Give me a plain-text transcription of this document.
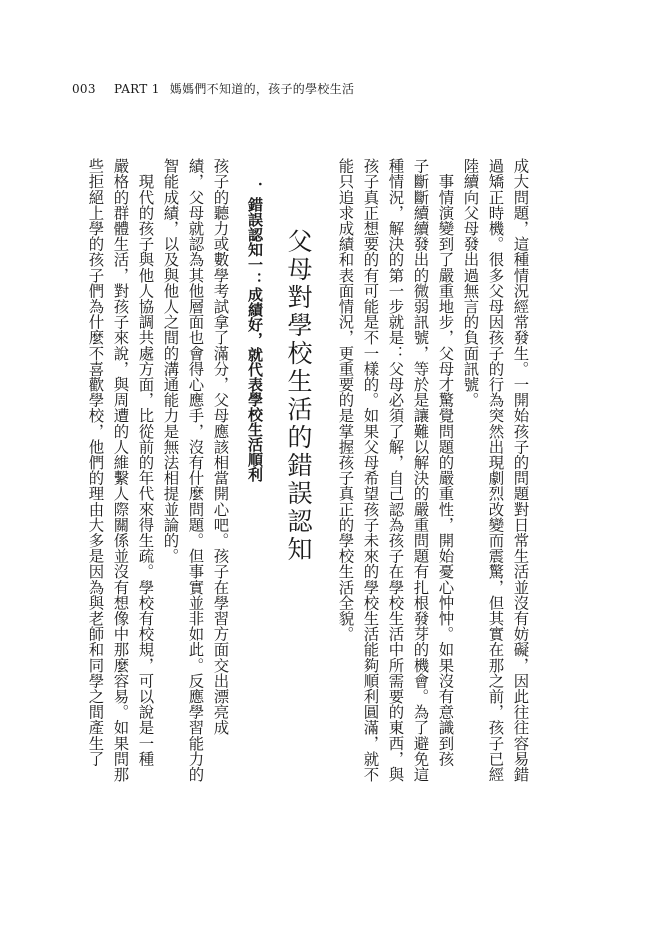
003 PART 1 媽媽們不知道的，孩子的學校生活
成大問題，這種情況經常發生。一開始孩子的問題對日常生活並沒有妨礙，因此往往容易錯
過矯正時機。很多父母因孩子的行為突然出現劇烈改變而震驚，但其實在那之前，孩子已經
陸續向父母發出過無言的負面訊號。
　事情演變到了嚴重地步，父母才驚覺問題的嚴重性，開始憂心忡忡。如果沒有意識到孩
子斷斷續續發出的微弱訊號，等於是讓難以解決的嚴重問題有扎根發芽的機會。為了避免這
種情況，解決的第一步就是：父母必須了解，自己認為孩子在學校生活中所需要的東西，與
孩子真正想要的有可能是不一樣的。如果父母希望孩子未來的學校生活能夠順利圓滿，就不
能只追求成績和表面情況，更重要的是掌握孩子真正的學校生活全貌。
父母對學校生活的錯誤認知
．錯誤認知一：成績好，就代表學校生活順利
孩子的聽力或數學考試拿了滿分，父母應該相當開心吧。孩子在學習方面交出漂亮成
績，父母就認為其他層面也會得心應手，沒有什麼問題。但事實並非如此。反應學習能力的
智能成績，以及與他人之間的溝通能力是無法相提並論的。
　現代的孩子與他人協調共處方面，比從前的年代來得生疏。學校有校規，可以說是一種
嚴格的群體生活，對孩子來說，與周遭的人維繫人際關係並沒有想像中那麼容易。如果問那
些拒絕上學的孩子們為什麼不喜歡學校，他們的理由大多是因為與老師和同學之間產生了
